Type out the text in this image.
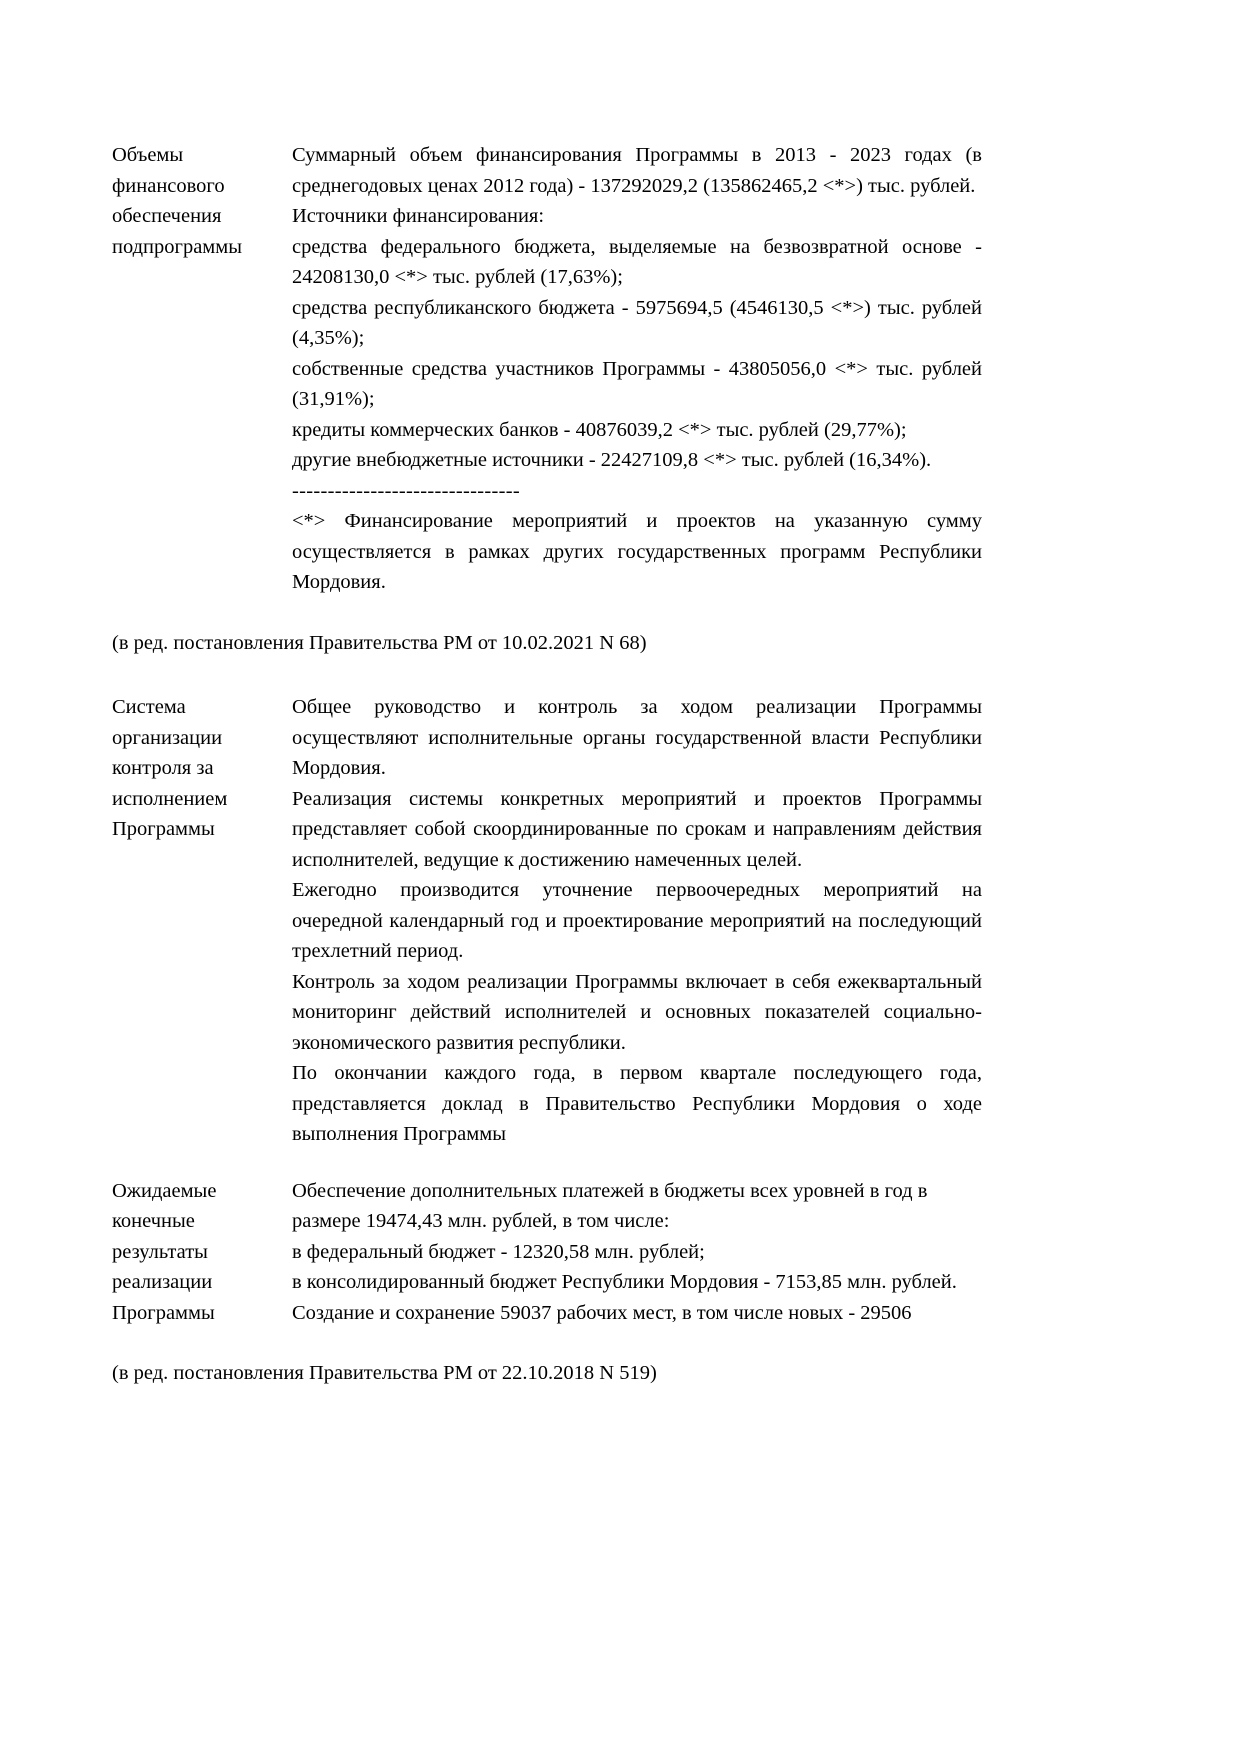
Объемы

финансового

обеспечения

подпрограммы

Суммарный объем финансирования Программы в 2013 - 2023 годах (в среднегодовых ценах 2012 года) - 137292029,2 (135862465,2 <*>) тыс. рублей.

Источники финансирования:

средства федерального бюджета, выделяемые на безвозвратной основе - 24208130,0 <*> тыс. рублей (17,63%);

средства республиканского бюджета - 5975694,5 (4546130,5 <*>) тыс. рублей (4,35%);

собственные средства участников Программы - 43805056,0 <*> тыс. рублей (31,91%);

кредиты коммерческих банков - 40876039,2 <*> тыс. рублей (29,77%);

другие внебюджетные источники - 22427109,8 <*> тыс. рублей (16,34%).

--------------------------------

<*> Финансирование мероприятий и проектов на указанную сумму осуществляется в рамках других государственных программ Республики Мордовия.

(в ред. постановления Правительства РМ от 10.02.2021 N 68)

Система

организации

контроля за

исполнением

Программы

Общее руководство и контроль за ходом реализации Программы осуществляют исполнительные органы государственной власти Республики Мордовия.

Реализация системы конкретных мероприятий и проектов Программы представляет собой скоординированные по срокам и направлениям действия исполнителей, ведущие к достижению намеченных целей.

Ежегодно производится уточнение первоочередных мероприятий на очередной календарный год и проектирование мероприятий на последующий трехлетний период.

Контроль за ходом реализации Программы включает в себя ежеквартальный мониторинг действий исполнителей и основных показателей социально-экономического развития республики.

По окончании каждого года, в первом квартале последующего года, представляется доклад в Правительство Республики Мордовия о ходе выполнения Программы

Ожидаемые

конечные

результаты

реализации

Программы

Обеспечение дополнительных платежей в бюджеты всех уровней в год в размере 19474,43 млн. рублей, в том числе:

в федеральный бюджет - 12320,58 млн. рублей;

в консолидированный бюджет Республики Мордовия - 7153,85 млн. рублей.

Создание и сохранение 59037 рабочих мест, в том числе новых - 29506

(в ред. постановления Правительства РМ от 22.10.2018 N 519)
